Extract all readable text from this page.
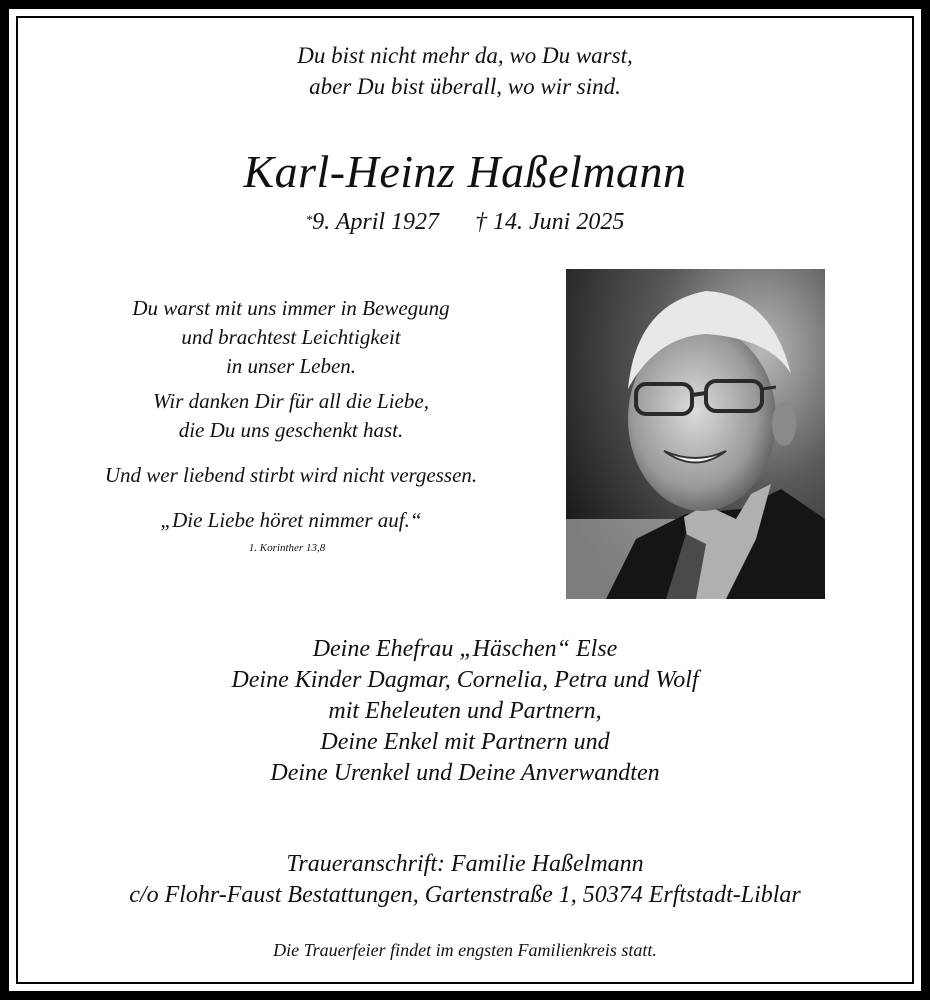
Du bist nicht mehr da, wo Du warst,
aber Du bist überall, wo wir sind.
Karl-Heinz Haßelmann
*9. April 1927 † 14. Juni 2025
Du warst mit uns immer in Bewegung
und brachtest Leichtigkeit
in unser Leben.
Wir danken Dir für all die Liebe,
die Du uns geschenkt hast.
Und wer liebend stirbt wird nicht vergessen.
„Die Liebe höret nimmer auf.“
1. Korinther 13,8
Deine Ehefrau „Häschen“ Else
Deine Kinder Dagmar, Cornelia, Petra und Wolf
mit Eheleuten und Partnern,
Deine Enkel mit Partnern und
Deine Urenkel und Deine Anverwandten
Traueranschrift: Familie Haßelmann
c/o Flohr-Faust Bestattungen, Gartenstraße 1, 50374 Erftstadt-Liblar
Die Trauerfeier findet im engsten Familienkreis statt.
